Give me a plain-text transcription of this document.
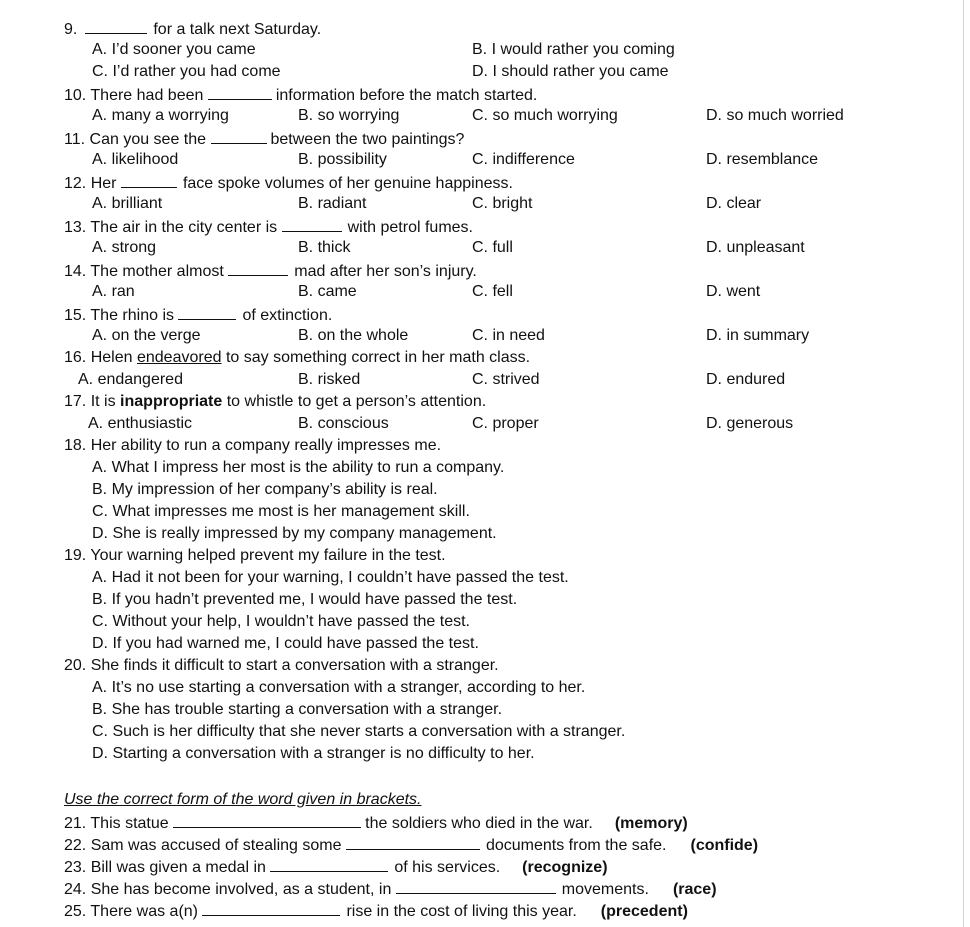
9.	for a talk next Saturday.
A. I’d sooner you came	B. I would rather you coming
C. I’d rather you had come	D. I should rather you came
10. There had been	information before the match started.
A. many a worrying	B. so worrying	C. so much worrying	D. so much worried
11. Can you see the	between the two paintings?
A. likelihood	B. possibility	C. indifference	D. resemblance
12. Her	face spoke volumes of her genuine happiness.
A. brilliant	B. radiant	C. bright	D. clear
13. The air in the city center is	with petrol fumes.
A. strong	B. thick	C. full	D. unpleasant
14. The mother almost	mad after her son’s injury.
A. ran	B. came	C. fell	D. went
15. The rhino is	of extinction.
A. on the verge	B. on the whole	C. in need	D. in summary
16. Helen endeavored to say something correct in her math class.
A. endangered	B. risked	C. strived	D. endured
17. It is inappropriate to whistle to get a person’s attention.
A. enthusiastic	B. conscious	C. proper	D. generous
18. Her ability to run a company really impresses me.
A. What I impress her most is the ability to run a company.
B. My impression of her company’s ability is real.
C. What impresses me most is her management skill.
D. She is really impressed by my company management.
19. Your warning helped prevent my failure in the test.
A. Had it not been for your warning, I couldn’t have passed the test.
B. If you hadn’t prevented me, I would have passed the test.
C. Without your help, I wouldn’t have passed the test.
D. If you had warned me, I could have passed the test.
20. She finds it difficult to start a conversation with a stranger.
A. It’s no use starting a conversation with a stranger, according to her.
B. She has trouble starting a conversation with a stranger.
C. Such is her difficulty that she never starts a conversation with a stranger.
D. Starting a conversation with a stranger is no difficulty to her.
Use the correct form of the word given in brackets.
21. This statue	the soldiers who died in the war. (memory)
22. Sam was accused of stealing some	documents from the safe. (confide)
23. Bill was given a medal in	of his services. (recognize)
24. She has become involved, as a student, in	movements. (race)
25. There was a(n)	rise in the cost of living this year. (precedent)
